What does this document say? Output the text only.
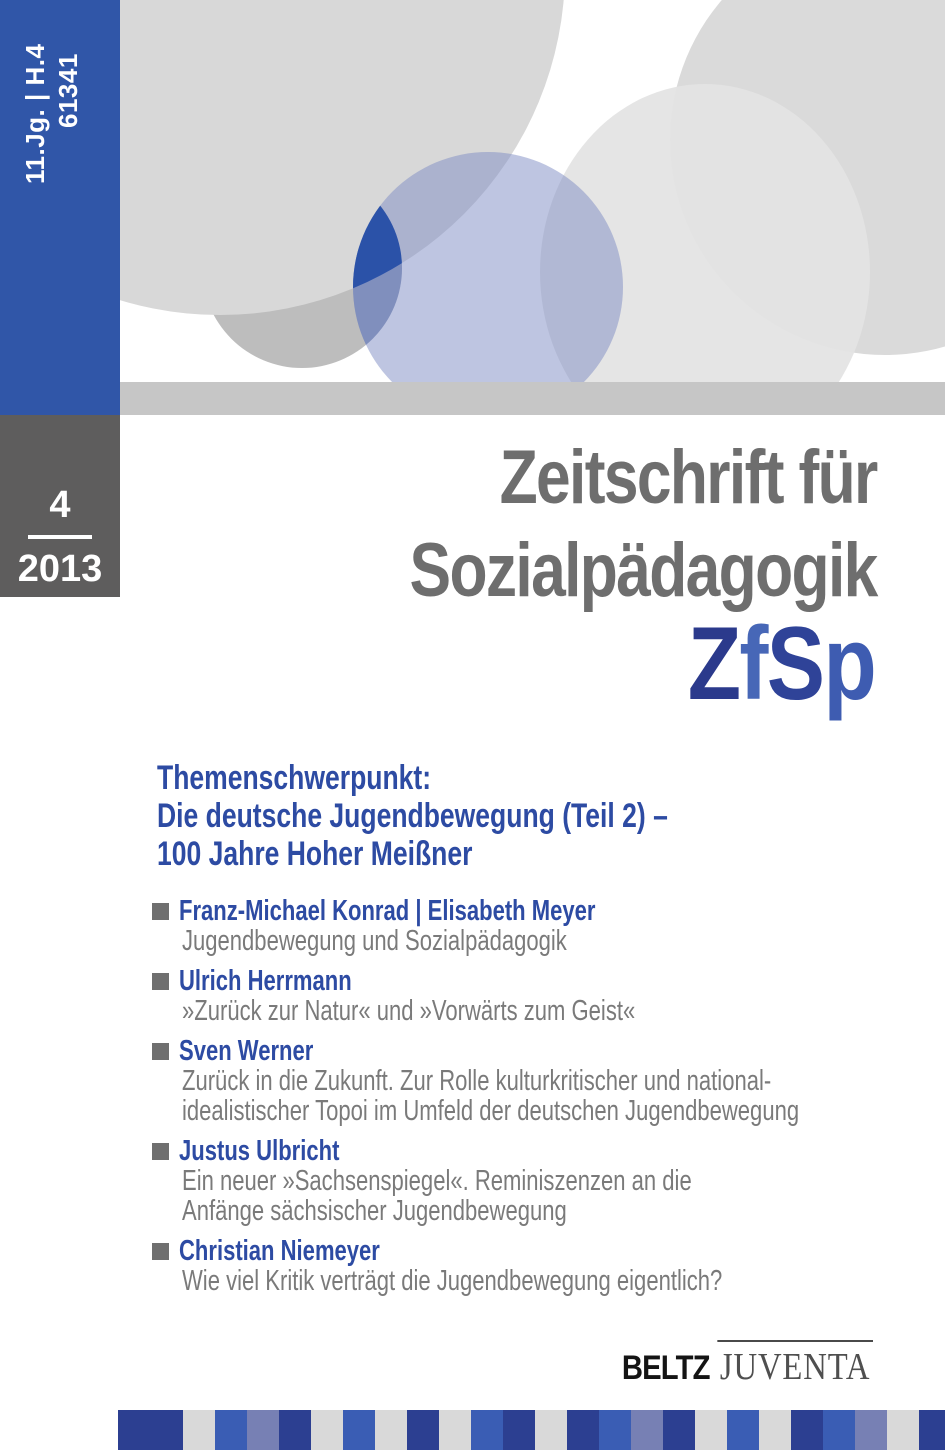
11.Jg. | H.4 61341
4
2013
Zeitschrift für
Sozialpädagogik
ZfSp
Themenschwerpunkt:
Die deutsche Jugendbewegung (Teil 2) –
100 Jahre Hoher Meißner
Franz-Michael Konrad | Elisabeth Meyer
Jugendbewegung und Sozialpädagogik
Ulrich Herrmann
»Zurück zur Natur« und »Vorwärts zum Geist«
Sven Werner
Zurück in die Zukunft. Zur Rolle kulturkritischer und national-
idealistischer Topoi im Umfeld der deutschen Jugendbewegung
Justus Ulbricht
Ein neuer »Sachsenspiegel«. Reminiszenzen an die
Anfänge sächsischer Jugendbewegung
Christian Niemeyer
Wie viel Kritik verträgt die Jugendbewegung eigentlich?
BELTZ JUVENTA
